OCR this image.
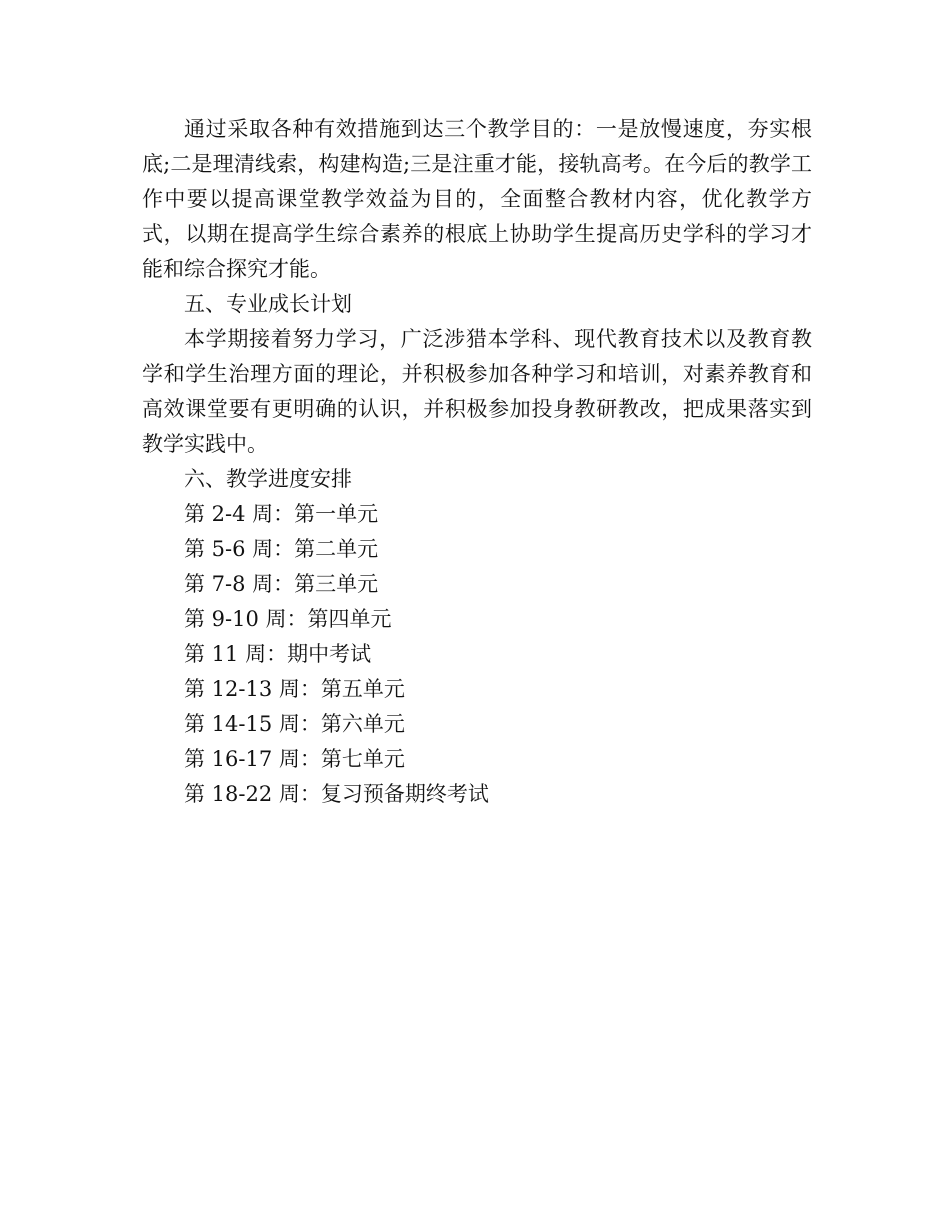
通过采取各种有效措施到达三个教学目的：一是放慢速度，夯实根底;二是理清线索，构建构造;三是注重才能，接轨高考。在今后的教学工作中要以提高课堂教学效益为目的，全面整合教材内容，优化教学方式，以期在提高学生综合素养的根底上协助学生提高历史学科的学习才能和综合探究才能。

五、专业成长计划

本学期接着努力学习，广泛涉猎本学科、现代教育技术以及教育教学和学生治理方面的理论，并积极参加各种学习和培训，对素养教育和高效课堂要有更明确的认识，并积极参加投身教研教改，把成果落实到教学实践中。

六、教学进度安排

第 2-4 周：第一单元

第 5-6 周：第二单元

第 7-8 周：第三单元

第 9-10 周：第四单元

第 11 周：期中考试

第 12-13 周：第五单元

第 14-15 周：第六单元

第 16-17 周：第七单元

第 18-22 周：复习预备期终考试
